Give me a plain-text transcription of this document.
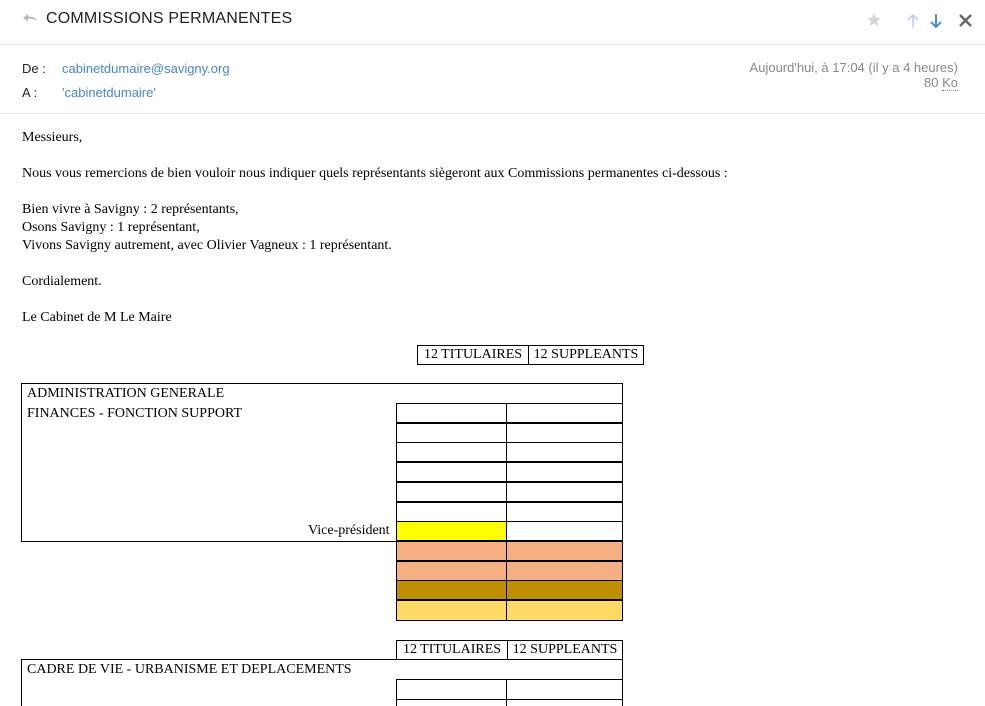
COMMISSIONS PERMANENTES
De : cabinetdumaire@savigny.org
A : 'cabinetdumaire'
Aujourd'hui, à 17:04 (il y a 4 heures)
80 Ko
Messieurs,
Nous vous remercions de bien vouloir nous indiquer quels représentants siègeront aux Commissions permanentes ci-dessous :
Bien vivre à Savigny : 2 représentants,
Osons Savigny : 1 représentant,
Vivons Savigny autrement, avec Olivier Vagneux : 1 représentant.
Cordialement.
Le Cabinet de M Le Maire
12 TITULAIRES 12 SUPPLEANTS
ADMINISTRATION GENERALE
FINANCES - FONCTION SUPPORT
Vice-président
12 TITULAIRES 12 SUPPLEANTS
CADRE DE VIE - URBANISME ET DEPLACEMENTS
